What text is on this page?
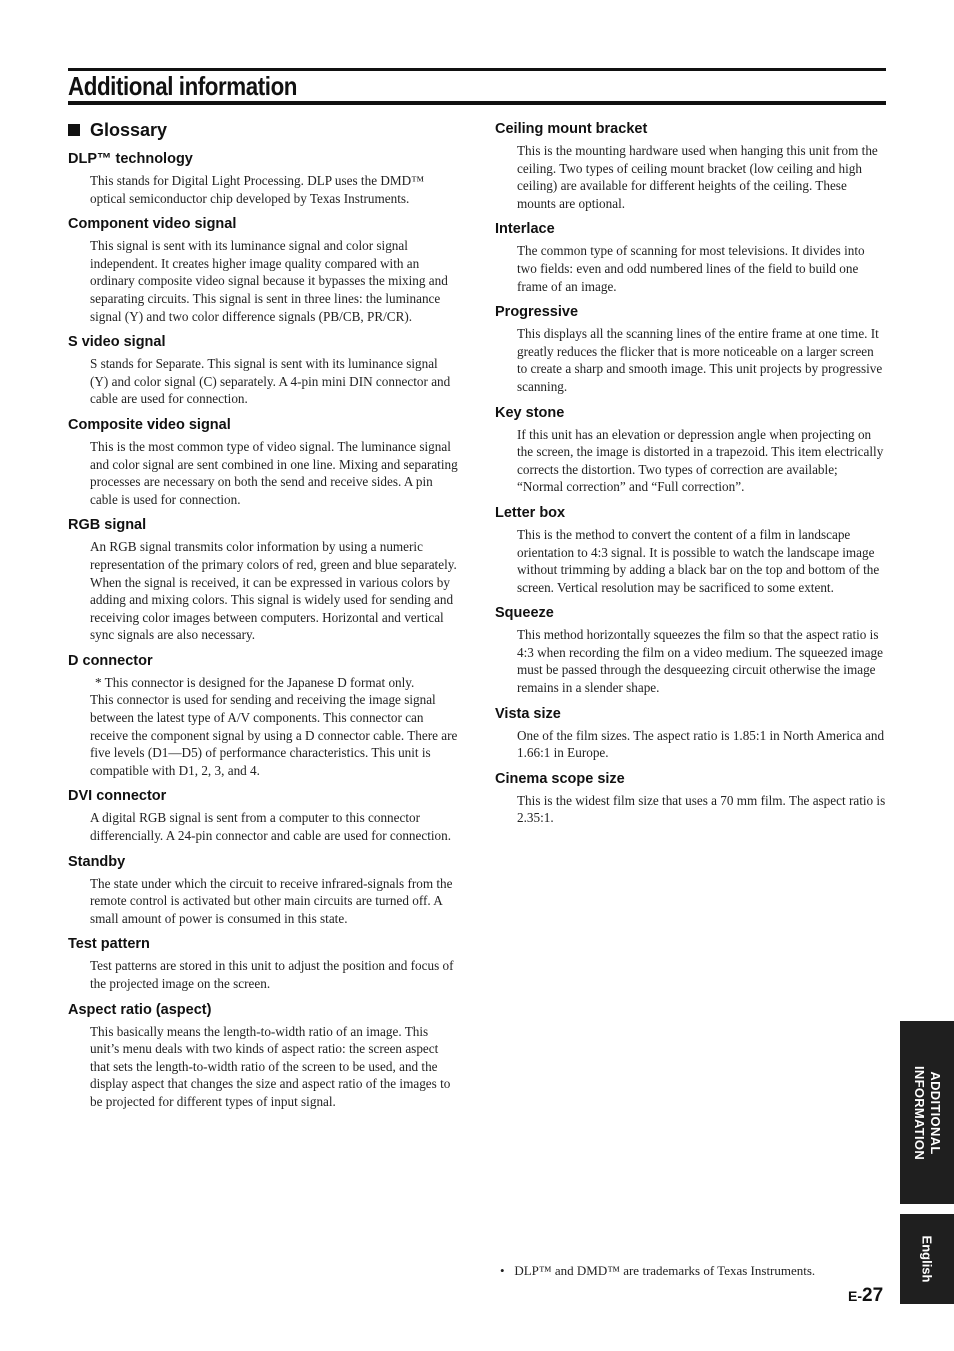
Additional information
Glossary
DLP™ technology
This stands for Digital Light Processing. DLP uses the DMD™ optical semiconductor chip developed by Texas Instruments.
Component video signal
This signal is sent with its luminance signal and color signal independent. It creates higher image quality compared with an ordinary composite video signal because it bypasses the mixing and separating circuits. This signal is sent in three lines: the luminance signal (Y) and two color difference signals (PB/CB, PR/CR).
S video signal
S stands for Separate. This signal is sent with its luminance signal (Y) and color signal (C) separately. A 4-pin mini DIN connector and cable are used for connection.
Composite video signal
This is the most common type of video signal. The luminance signal and color signal are sent combined in one line. Mixing and separating processes are necessary on both the send and receive sides. A pin cable is used for connection.
RGB signal
An RGB signal transmits color information by using a numeric representation of the primary colors of red, green and blue separately. When the signal is received, it can be expressed in various colors by adding and mixing colors. This signal is widely used for sending and receiving color images between computers. Horizontal and vertical sync signals are also necessary.
D connector
* This connector is designed for the Japanese D format only.
This connector is used for sending and receiving the image signal between the latest type of A/V components. This connector can receive the component signal by using a D connector cable. There are five levels (D1—D5) of performance characteristics. This unit is compatible with D1, 2, 3, and 4.
DVI connector
A digital RGB signal is sent from a computer to this connector differencially. A 24-pin connector and cable are used for connection.
Standby
The state under which the circuit to receive infrared-signals from the remote control is activated but other main circuits are turned off. A small amount of power is consumed in this state.
Test pattern
Test patterns are stored in this unit to adjust the position and focus of the projected image on the screen.
Aspect ratio (aspect)
This basically means the length-to-width ratio of an image. This unit’s menu deals with two kinds of aspect ratio: the screen aspect that sets the length-to-width ratio of the screen to be used, and the display aspect that changes the size and aspect ratio of the images to be projected for different types of input signal.
Ceiling mount bracket
This is the mounting hardware used when hanging this unit from the ceiling. Two types of ceiling mount bracket (low ceiling and high ceiling) are available for different heights of the ceiling. These mounts are optional.
Interlace
The common type of scanning for most televisions. It divides into two fields: even and odd numbered lines of the field to build one frame of an image.
Progressive
This displays all the scanning lines of the entire frame at one time. It greatly reduces the flicker that is more noticeable on a larger screen to create a sharp and smooth image. This unit projects by progressive scanning.
Key stone
If this unit has an elevation or depression angle when projecting on the screen, the image is distorted in a trapezoid. This item electrically corrects the distortion. Two types of correction are available; “Normal correction” and “Full correction”.
Letter box
This is the method to convert the content of a film in landscape orientation to 4:3 signal. It is possible to watch the landscape image without trimming by adding a black bar on the top and bottom of the screen. Vertical resolution may be sacrificed to some extent.
Squeeze
This method horizontally squeezes the film so that the aspect ratio is 4:3 when recording the film on a video medium. The squeezed image must be passed through the desqueezing circuit otherwise the image remains in a slender shape.
Vista size
One of the film sizes. The aspect ratio is 1.85:1 in North America and 1.66:1 in Europe.
Cinema scope size
This is the widest film size that uses a 70 mm film. The aspect ratio is 2.35:1.
ADDITIONAL
INFORMATION
English
• DLP™ and DMD™ are trademarks of Texas Instruments.
E-27
